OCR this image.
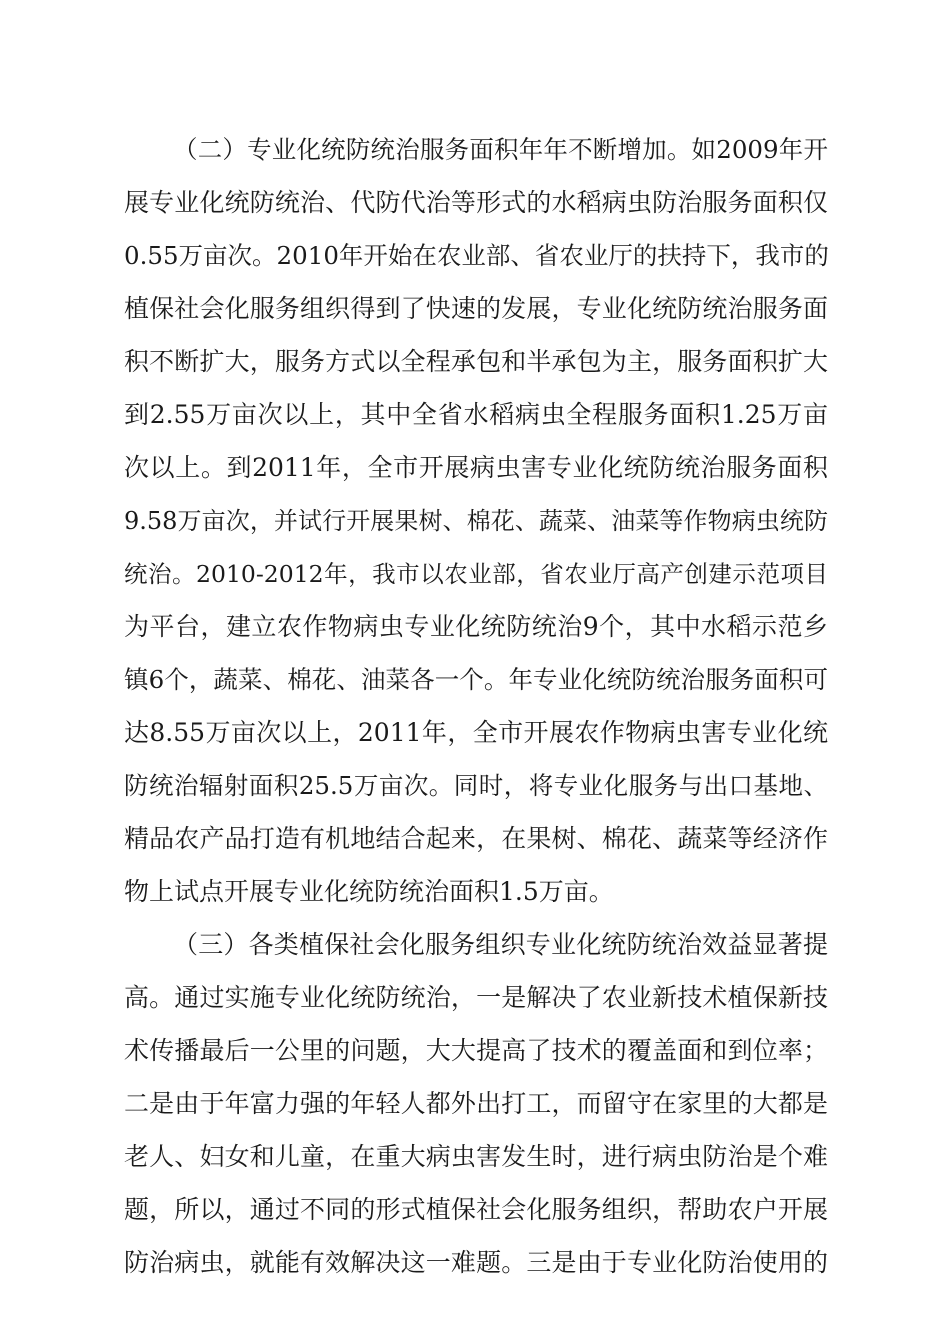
（二）专业化统防统治服务面积年年不断增加。如2009年开

展专业化统防统治、代防代治等形式的水稻病虫防治服务面积仅

0.55万亩次。2010年开始在农业部、省农业厅的扶持下，我市的

植保社会化服务组织得到了快速的发展，专业化统防统治服务面

积不断扩大，服务方式以全程承包和半承包为主，服务面积扩大

到2.55万亩次以上，其中全省水稻病虫全程服务面积1.25万亩

次以上。到2011年，全市开展病虫害专业化统防统治服务面积

9.58万亩次，并试行开展果树、棉花、蔬菜、油菜等作物病虫统防

统治。2010-2012年，我市以农业部，省农业厅高产创建示范项目

为平台，建立农作物病虫专业化统防统治9个，其中水稻示范乡

镇6个，蔬菜、棉花、油菜各一个。年专业化统防统治服务面积可

达8.55万亩次以上，2011年，全市开展农作物病虫害专业化统

防统治辐射面积25.5万亩次。同时，将专业化服务与出口基地、

精品农产品打造有机地结合起来，在果树、棉花、蔬菜等经济作

物上试点开展专业化统防统治面积1.5万亩。

（三）各类植保社会化服务组织专业化统防统治效益显著提

高。通过实施专业化统防统治，一是解决了农业新技术植保新技

术传播最后一公里的问题，大大提高了技术的覆盖面和到位率；

二是由于年富力强的年轻人都外出打工，而留守在家里的大都是

老人、妇女和儿童，在重大病虫害发生时，进行病虫防治是个难

题，所以，通过不同的形式植保社会化服务组织，帮助农户开展

防治病虫，就能有效解决这一难题。三是由于专业化防治使用的
